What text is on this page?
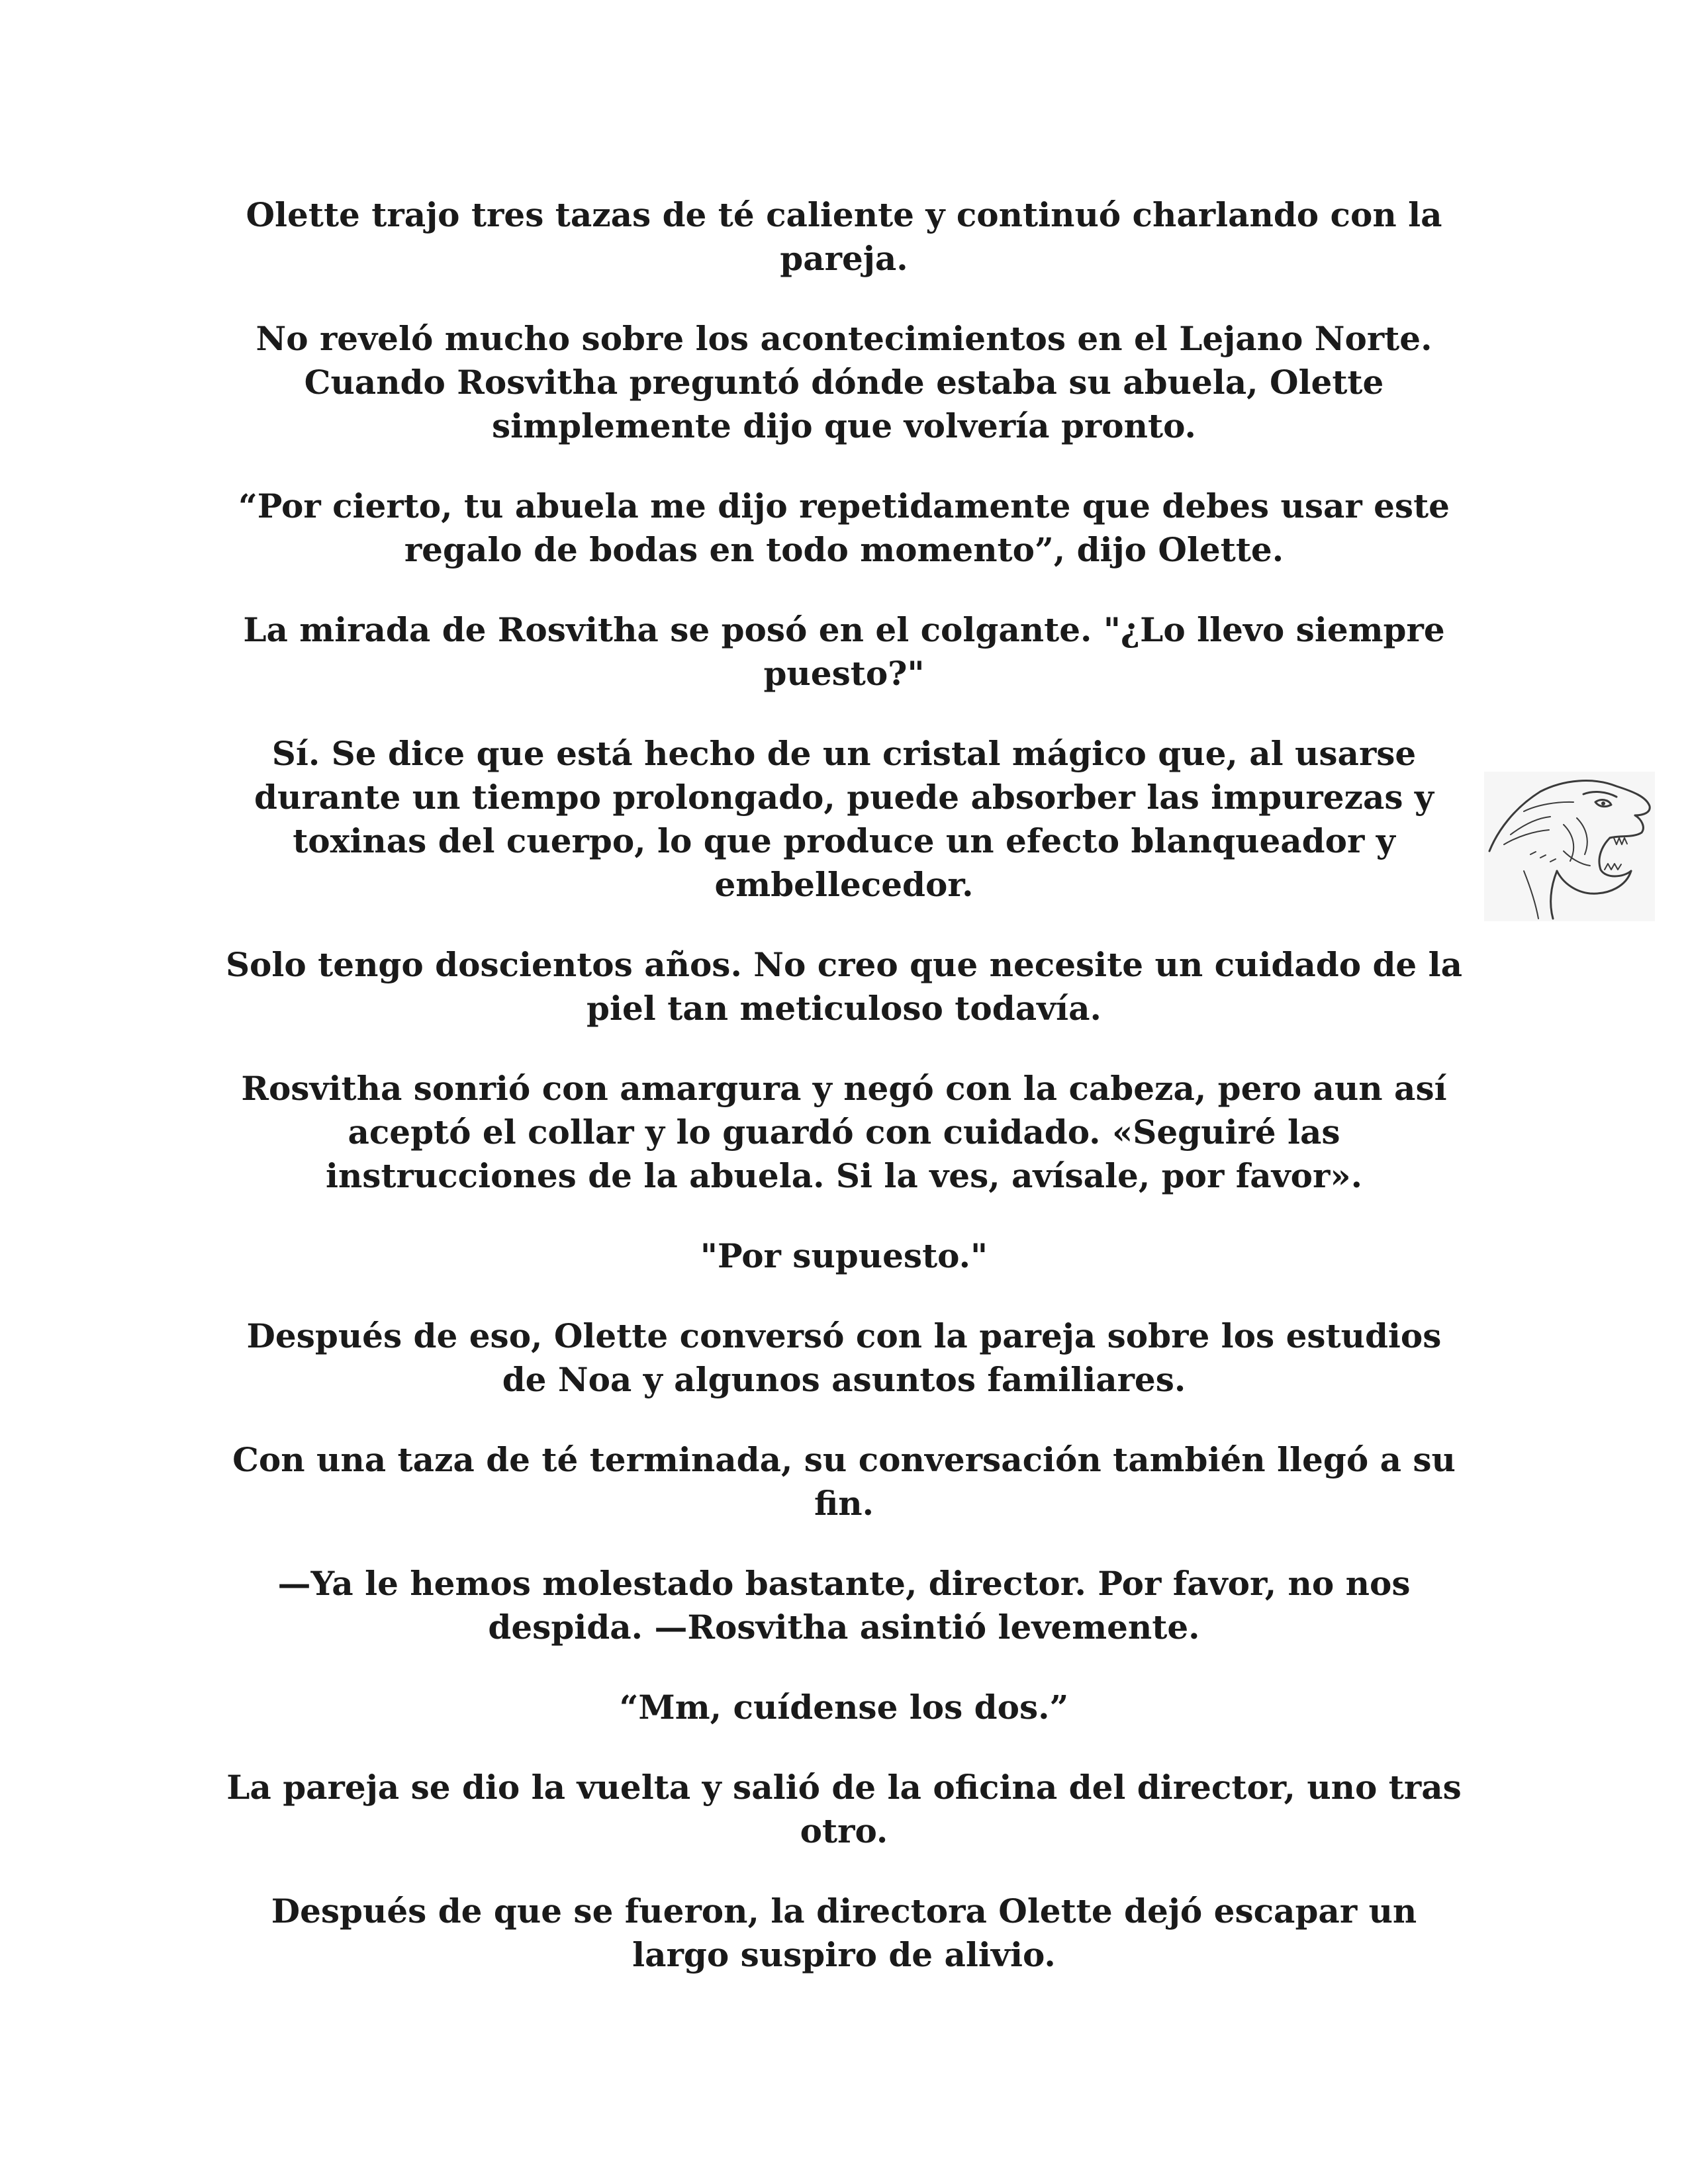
Olette trajo tres tazas de té caliente y continuó charlando con la pareja.

No reveló mucho sobre los acontecimientos en el Lejano Norte. Cuando Rosvitha preguntó dónde estaba su abuela, Olette simplemente dijo que volvería pronto.

“Por cierto, tu abuela me dijo repetidamente que debes usar este regalo de bodas en todo momento”, dijo Olette.

La mirada de Rosvitha se posó en el colgante. "¿Lo llevo siempre puesto?"

Sí. Se dice que está hecho de un cristal mágico que, al usarse durante un tiempo prolongado, puede absorber las impurezas y toxinas del cuerpo, lo que produce un efecto blanqueador y embellecedor.

Solo tengo doscientos años. No creo que necesite un cuidado de la piel tan meticuloso todavía.

Rosvitha sonrió con amargura y negó con la cabeza, pero aun así aceptó el collar y lo guardó con cuidado. «Seguiré las instrucciones de la abuela. Si la ves, avísale, por favor».

"Por supuesto."

Después de eso, Olette conversó con la pareja sobre los estudios de Noa y algunos asuntos familiares.

Con una taza de té terminada, su conversación también llegó a su fin.

—Ya le hemos molestado bastante, director. Por favor, no nos despida. —Rosvitha asintió levemente.

“Mm, cuídense los dos.”

La pareja se dio la vuelta y salió de la oficina del director, uno tras otro.

Después de que se fueron, la directora Olette dejó escapar un largo suspiro de alivio.
